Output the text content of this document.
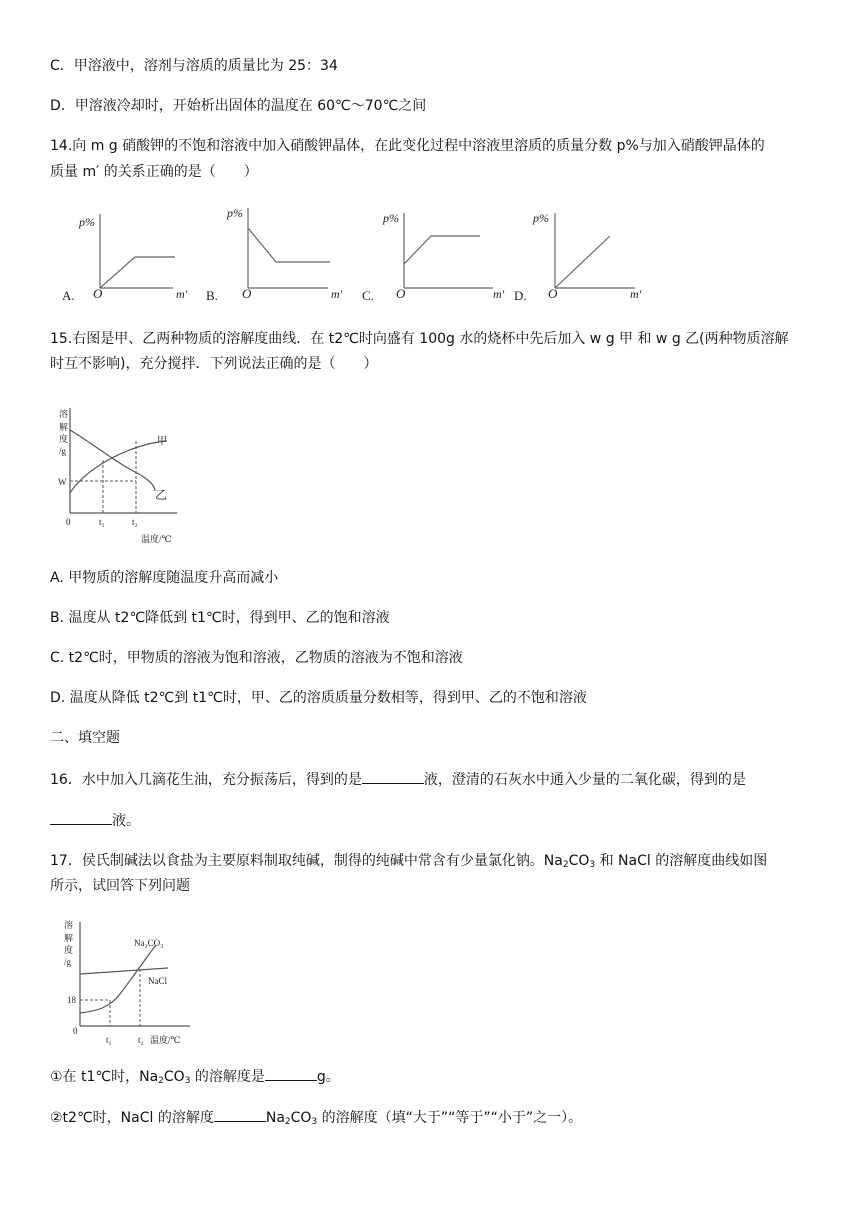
C．甲溶液中，溶剂与溶质的质量比为 25：34
D．甲溶液冷却时，开始析出固体的温度在 60℃～70℃之间
14.向 m g 硝酸钾的不饱和溶液中加入硝酸钾晶体，在此变化过程中溶液里溶质的质量分数 p%与加入硝酸钾晶体的
质量 m′ 的关系正确的是（　　）
A.
p%
O	m' B.
p%
O	m' C.
p%
O	m' D.
p%
O	m'
15.右图是甲、乙两种物质的溶解度曲线．在 t2℃时向盛有 100g 水的烧杯中先后加入 w g 甲 和 w g 乙(两种物质溶解
时互不影响)，充分搅拌．下列说法正确的是（　　）
溶
解
度
/g
W
0	t₁	t₂
温度/℃
甲
乙
A. 甲物质的溶解度随温度升高而减小
B. 温度从 t2℃降低到 t1℃时，得到甲、乙的饱和溶液
C. t2℃时，甲物质的溶液为饱和溶液，乙物质的溶液为不饱和溶液
D. 温度从降低 t2℃到 t1℃时，甲、乙的溶质质量分数相等，得到甲、乙的不饱和溶液
二、填空题
16．水中加入几滴花生油，充分振荡后，得到的是	液，澄清的石灰水中通入少量的二氧化碳，得到的是
液。
17．侯氏制碱法以食盐为主要原料制取纯碱，制得的纯碱中常含有少量氯化钠。$Na_2CO_3$ 和 NaCl 的溶解度曲线如图
所示，试回答下列问题
溶
解
度
/g
18
0
t₁	t₂ 温度/℃
Na₂CO₃
NaCl
①在 t1℃时，$Na_2CO_3$ 的溶解度是	g。
②t2℃时，NaCl 的溶解度	$Na_2CO_3$ 的溶解度（填“大于”“等于”“小于”之一）。
